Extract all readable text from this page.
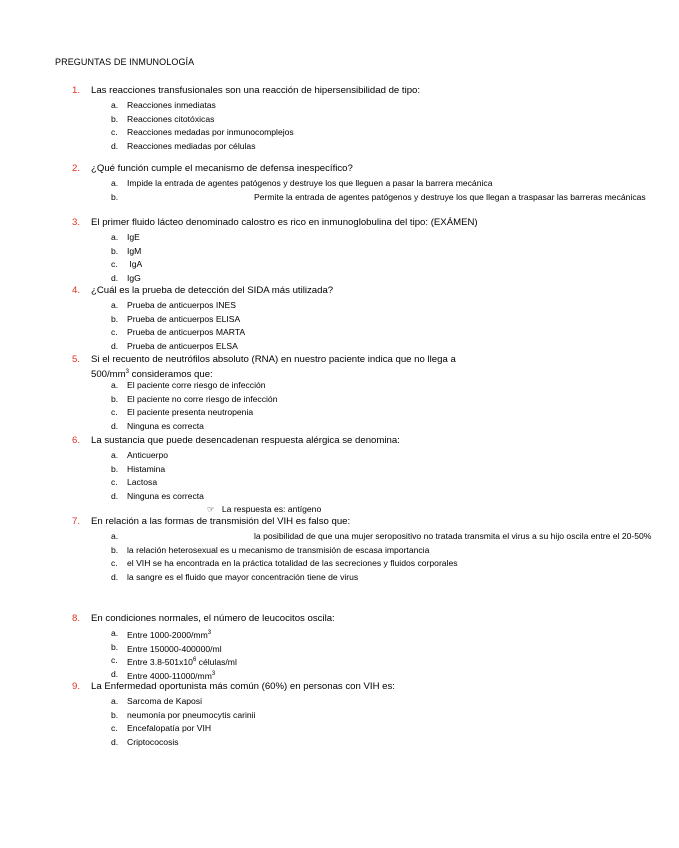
PREGUNTAS DE INMUNOLOGÍA
1.	Las reacciones transfusionales son una reacción de hipersensibilidad de tipo:
a. Reacciones inmediatas
b. Reacciones citotóxicas
c. Reacciones medadas por inmunocomplejos
d. Reacciones mediadas por células
2.	¿Qué función cumple el mecanismo de defensa inespecífico?
a. Impide la entrada de agentes patógenos y destruye los que lleguen a pasar la barrera mecánica
b.	Permite la entrada de agentes patógenos y destruye los que llegan a traspasar las barreras mecánicas
3.	El primer fluido lácteo denominado calostro es rico en inmunoglobulina del tipo: (EXÁMEN)
a. IgE
b. IgM
c. IgA
d. IgG
4.	¿Cuál es la prueba de detección del SIDA más utilizada?
a. Prueba de anticuerpos INES
b. Prueba de anticuerpos ELISA
c. Prueba de anticuerpos MARTA
d. Prueba de anticuerpos ELSA
5.	Si el recuento de neutrófilos absoluto (RNA) en nuestro paciente indica que no llega a
$500/mm^3$ consideramos que:
a. El paciente corre riesgo de infección
b. El paciente no corre riesgo de infección
c. El paciente presenta neutropenia
d. Ninguna es correcta
6.	La sustancia que puede desencadenan respuesta alérgica se denomina:
a. Anticuerpo
b. Histamina
c. Lactosa
d. Ninguna es correcta
☞   La respuesta es: antígeno
7.	En relación a las formas de transmisión del VIH es falso que:
a.	la posibilidad de que una mujer seropositivo no tratada transmita el virus a su hijo oscila entre el 20-50%
b. la relación heterosexual es u mecanismo de transmisión de escasa importancia
c. el VIH se ha encontrada en la práctica totalidad de las secreciones y fluidos corporales
d. la sangre es el fluido que mayor concentración tiene de virus
8.	En condiciones normales, el número de leucocitos oscila:
a. Entre $1000-2000/mm^3$
b. Entre 150000-400000/ml
c. Entre $3.8-501x10^6$ células/ml
d. Entre $4000-11000/mm^3$
9.	La Enfermedad oportunista más común (60%) en personas con VIH es:
a. Sarcoma de Kaposi
b. neumonía por pneumocytis carinii
c. Encefalopatía por VIH
d. Criptococosis
